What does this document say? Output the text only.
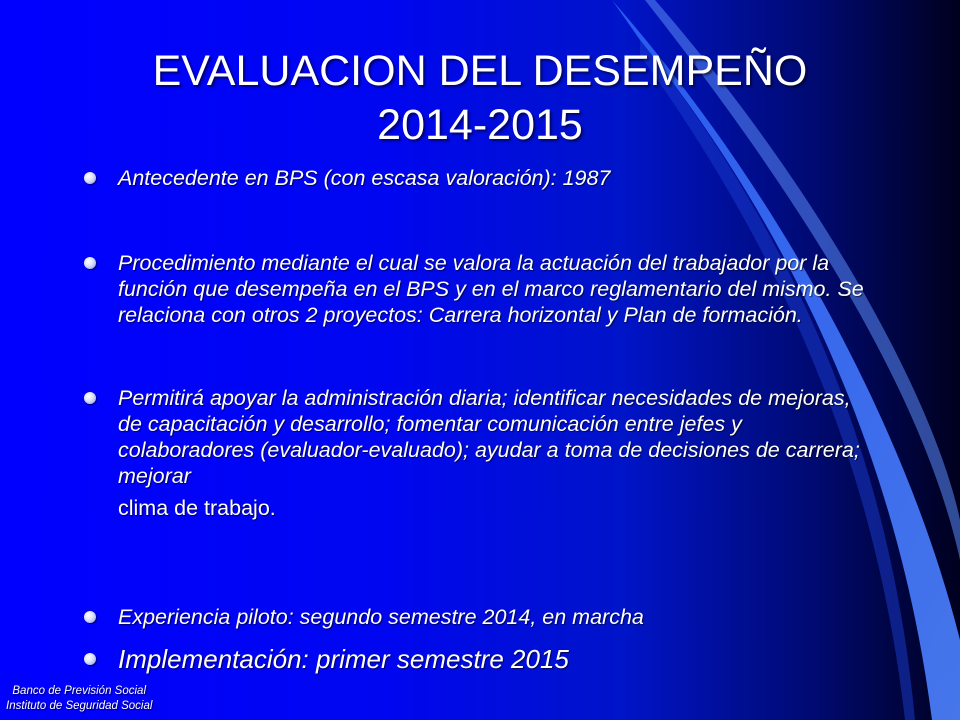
EVALUACION DEL DESEMPEÑO
2014-2015
Antecedente en BPS (con escasa valoración): 1987
Procedimiento mediante el cual se valora la actuación del trabajador por la función que desempeña en el BPS y en el marco reglamentario del mismo. Se relaciona con otros 2 proyectos: Carrera horizontal y Plan de formación.
Permitirá apoyar la administración diaria; identificar necesidades de mejoras, de capacitación y desarrollo; fomentar comunicación entre jefes y colaboradores (evaluador-evaluado); ayudar a toma de decisiones de carrera; mejorar
clima de trabajo.
Experiencia piloto: segundo semestre 2014, en marcha
Implementación: primer semestre 2015
Banco de Previsión Social
Instituto de Seguridad Social
